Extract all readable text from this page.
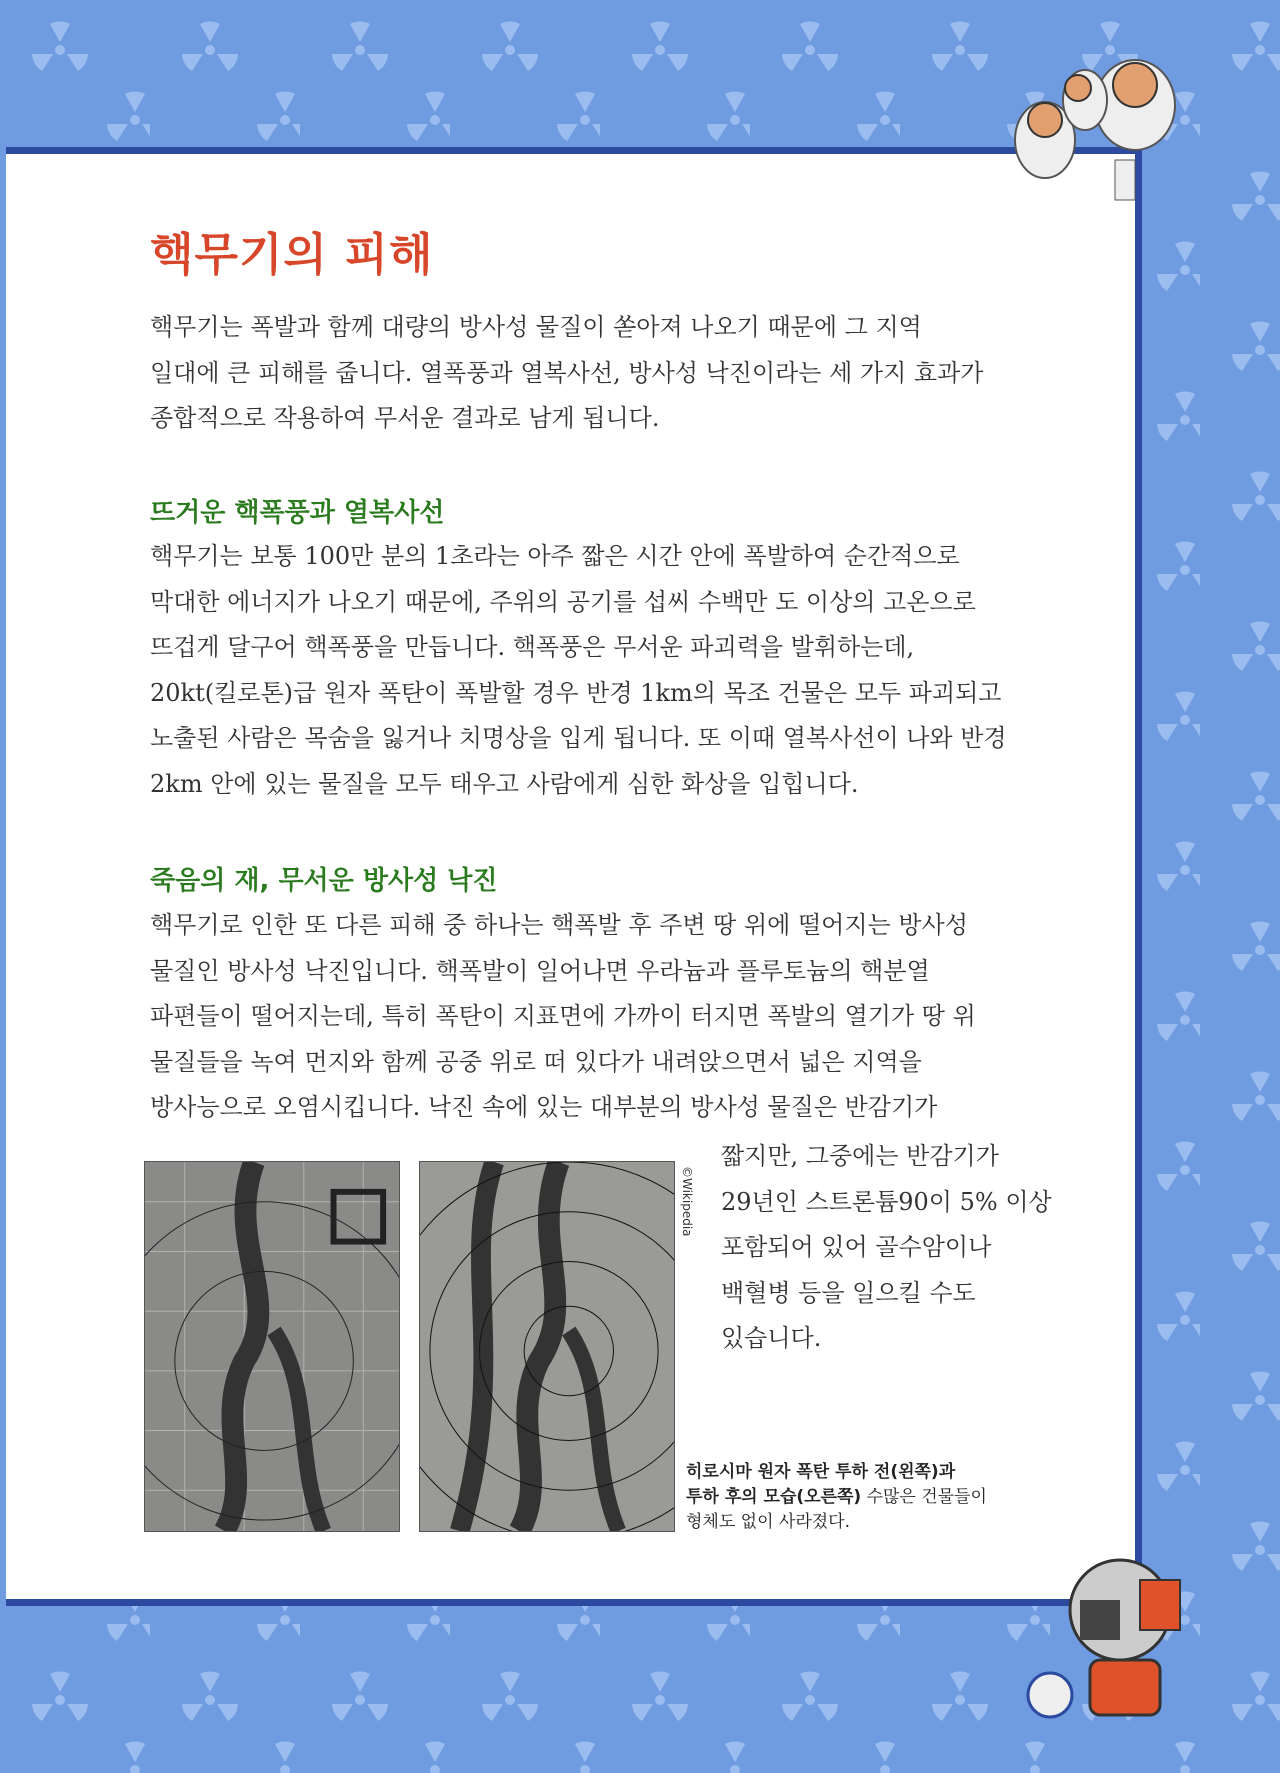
핵무기의 피해
핵무기는 폭발과 함께 대량의 방사성 물질이 쏟아져 나오기 때문에 그 지역
일대에 큰 피해를 줍니다. 열폭풍과 열복사선, 방사성 낙진이라는 세 가지 효과가
종합적으로 작용하여 무서운 결과로 남게 됩니다.
뜨거운 핵폭풍과 열복사선
핵무기는 보통 100만 분의 1초라는 아주 짧은 시간 안에 폭발하여 순간적으로
막대한 에너지가 나오기 때문에, 주위의 공기를 섭씨 수백만 도 이상의 고온으로
뜨겁게 달구어 핵폭풍을 만듭니다. 핵폭풍은 무서운 파괴력을 발휘하는데,
20kt(킬로톤)급 원자 폭탄이 폭발할 경우 반경 1km의 목조 건물은 모두 파괴되고
노출된 사람은 목숨을 잃거나 치명상을 입게 됩니다. 또 이때 열복사선이 나와 반경
2km 안에 있는 물질을 모두 태우고 사람에게 심한 화상을 입힙니다.
죽음의 재, 무서운 방사성 낙진
핵무기로 인한 또 다른 피해 중 하나는 핵폭발 후 주변 땅 위에 떨어지는 방사성
물질인 방사성 낙진입니다. 핵폭발이 일어나면 우라늄과 플루토늄의 핵분열
파편들이 떨어지는데, 특히 폭탄이 지표면에 가까이 터지면 폭발의 열기가 땅 위
물질들을 녹여 먼지와 함께 공중 위로 떠 있다가 내려앉으면서 넓은 지역을
방사능으로 오염시킵니다. 낙진 속에 있는 대부분의 방사성 물질은 반감기가
짧지만, 그중에는 반감기가
29년인 스트론튬90이 5% 이상
포함되어 있어 골수암이나
백혈병 등을 일으킬 수도
있습니다.
©Wikipedia
히로시마 원자 폭탄 투하 전(왼쪽)과
투하 후의 모습(오른쪽) 수많은 건물들이
형체도 없이 사라졌다.
